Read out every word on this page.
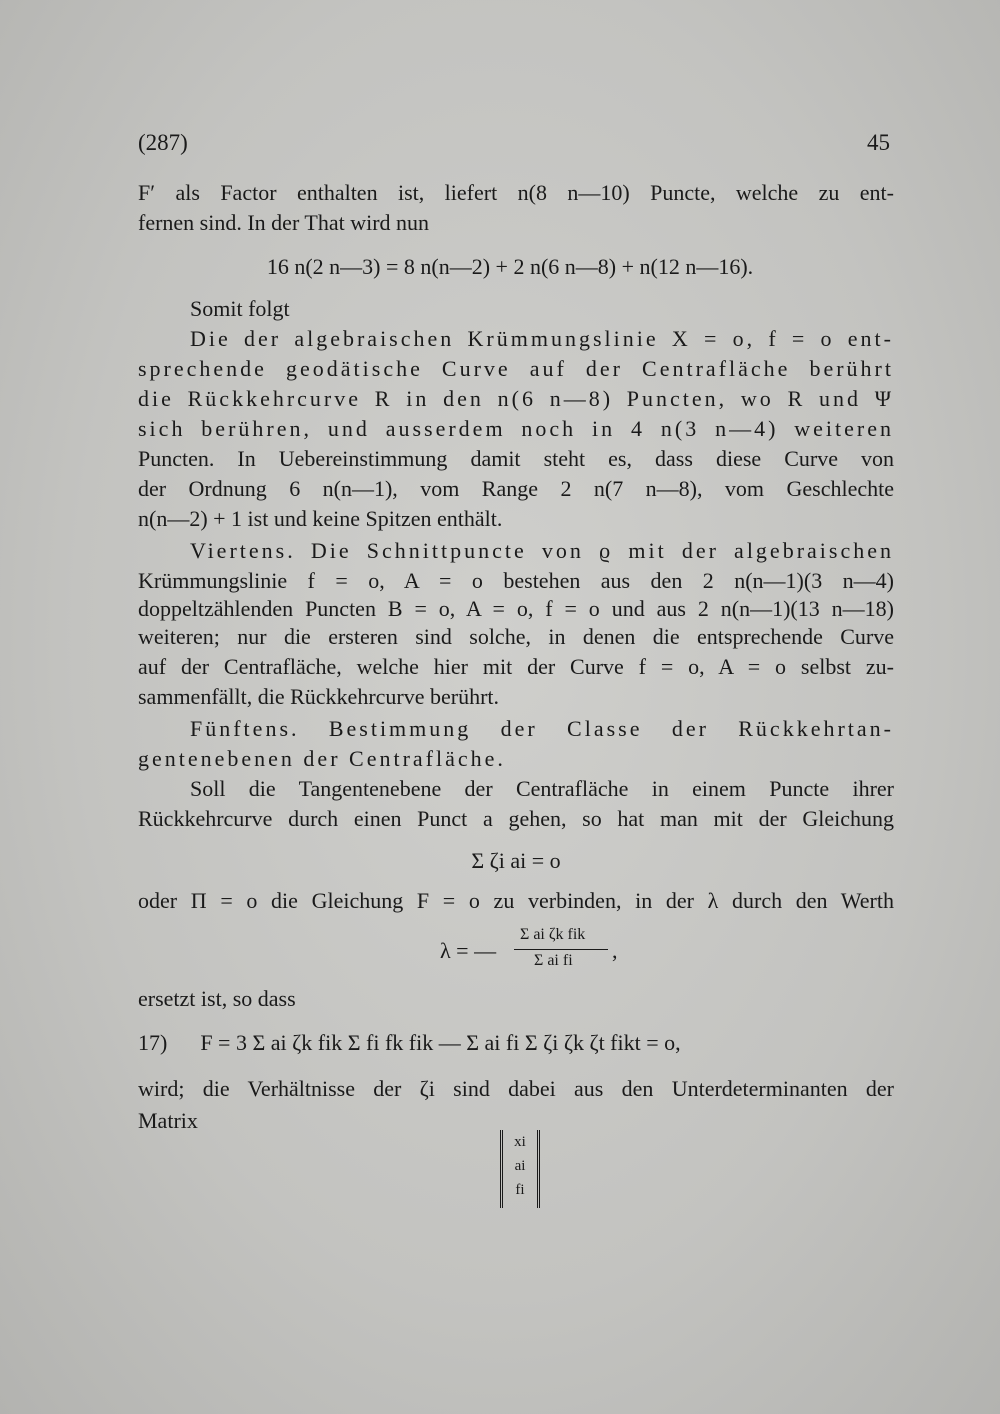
(287)	45
F′ als Factor enthalten ist, liefert n(8 n—10) Puncte, welche zu ent-
fernen sind. In der That wird nun
16 n(2 n—3) = 8 n(n—2) + 2 n(6 n—8) + n(12 n—16).
Somit folgt
Die der algebraischen Krümmungslinie X = o, f = o ent-
sprechende geodätische Curve auf der Centrafläche berührt
die Rückkehrcurve R in den n(6 n—8) Puncten, wo R und Ψ
sich berühren, und ausserdem noch in 4 n(3 n—4) weiteren
Puncten. In Uebereinstimmung damit steht es, dass diese Curve von
der Ordnung 6 n(n—1), vom Range 2 n(7 n—8), vom Geschlechte
n(n—2) + 1 ist und keine Spitzen enthält.
Viertens. Die Schnittpuncte von ϱ mit der algebraischen
Krümmungslinie f = o, A = o bestehen aus den 2 n(n—1)(3 n—4)
doppeltzählenden Puncten B = o, A = o, f = o und aus 2 n(n—1)(13 n—18)
weiteren; nur die ersteren sind solche, in denen die entsprechende Curve
auf der Centrafläche, welche hier mit der Curve f = o, A = o selbst zu-
sammenfällt, die Rückkehrcurve berührt.
Fünftens. Bestimmung der Classe der Rückkehrtan-
gentenebenen der Centrafläche.
Soll die Tangentenebene der Centrafläche in einem Puncte ihrer
Rückkehrcurve durch einen Punct a gehen, so hat man mit der Gleichung
Σ ζi ai = o
oder Π = o die Gleichung F = o zu verbinden, in der λ durch den Werth
λ = —
Σ ai ζk fik
Σ ai fi ,
ersetzt ist, so dass
17)      F = 3 Σ ai ζk fik Σ fi fk fik — Σ ai fi Σ ζi ζk ζt fikt = o,
wird; die Verhältnisse der ζi sind dabei aus den Unterdeterminanten der
Matrix
xi
ai
fi
